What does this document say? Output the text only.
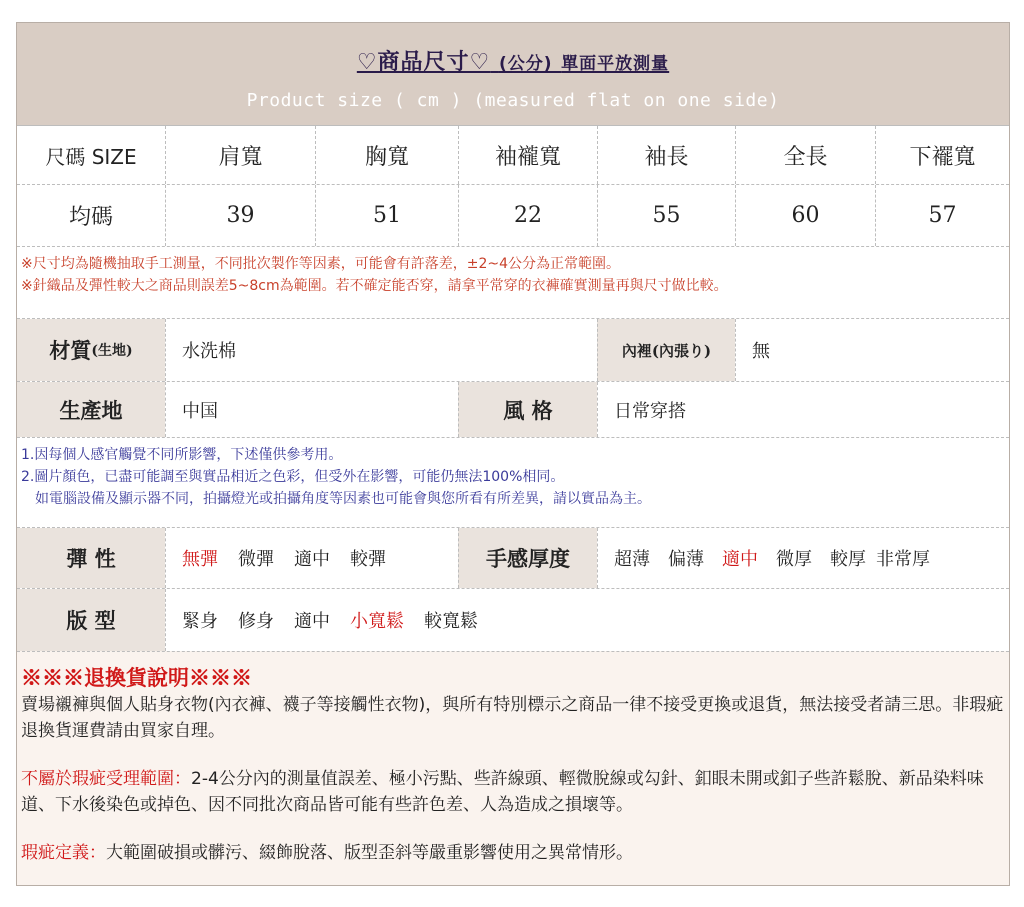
♡商品尺寸♡ (公分) 單面平放測量
Product size ( cm ) (measured flat on one side)
尺碼 SIZE	肩寬	胸寬	袖襱寬	袖長	全長	下襬寬
均碼	39	51	22	55	60	57
※尺寸均為隨機抽取手工測量，不同批次製作等因素，可能會有許落差，±2~4公分為正常範圍。
※針織品及彈性較大之商品則誤差5~8cm為範圍。若不確定能否穿，請拿平常穿的衣褲確實測量再與尺寸做比較。
材質 (生地)	水洗棉	內裡(內張り)	無
生產地	中国	風 格	日常穿搭
1.因每個人感官觸覺不同所影響，下述僅供參考用。
2.圖片顏色，已盡可能調至與實品相近之色彩，但受外在影響，可能仍無法100%相同。
　如電腦設備及顯示器不同，拍攝燈光或拍攝角度等因素也可能會與您所看有所差異，請以實品為主。
彈 性	無彈 微彈 適中 較彈	手感厚度	超薄 偏薄 適中 微厚 較厚 非常厚
版 型	緊身 修身 適中 小寬鬆 較寬鬆
※※※退換貨說明※※※

賣場襯褲與個人貼身衣物(內衣褲、襪子等接觸性衣物)，與所有特別標示之商品一律不接受更換或退貨，無法接受者請三思。非瑕疵退換貨運費請由買家自理。

不屬於瑕疵受理範圍：2-4公分內的測量值誤差、極小污點、些許線頭、輕微脫線或勾針、釦眼未開或釦子些許鬆脫、新品染料味道、下水後染色或掉色、因不同批次商品皆可能有些許色差、人為造成之損壞等。

瑕疵定義：大範圍破損或髒污、綴飾脫落、版型歪斜等嚴重影響使用之異常情形。
